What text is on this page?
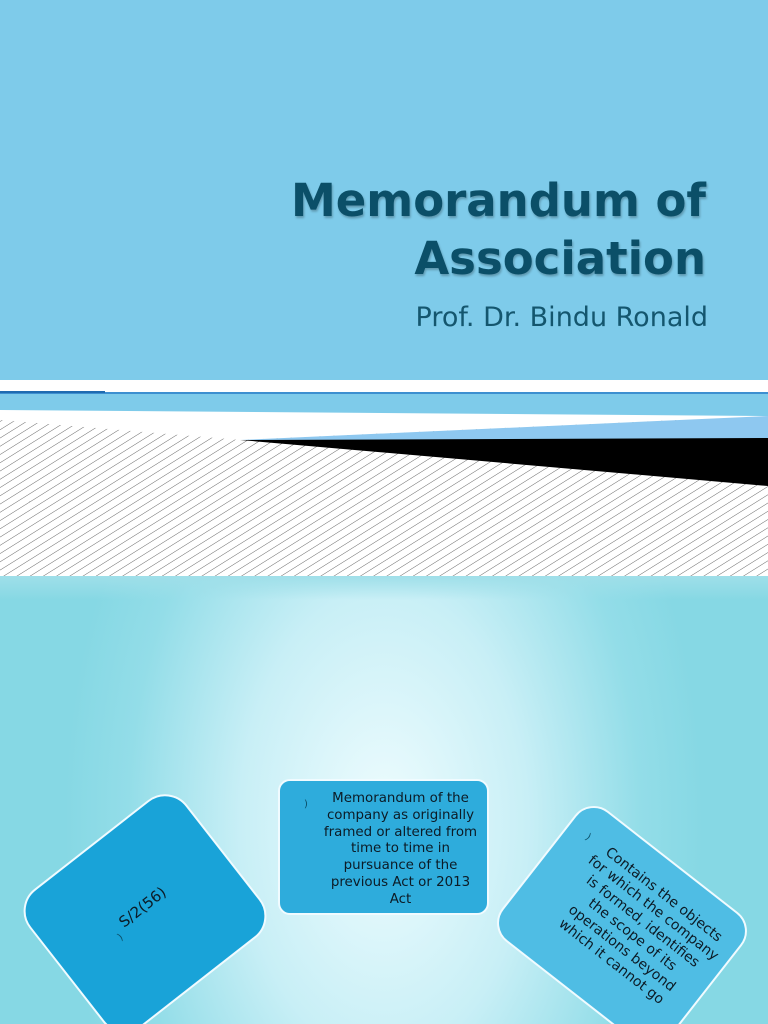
Memorandum of
Association
Prof. Dr. Bindu Ronald
)	Memorandum of the company as originally framed or altered from time to time in pursuance of the previous Act or 2013 Act
)
S/2(56)
)
Contains the objects for which the company is formed, identifies the scope of its operations beyond which it cannot go
